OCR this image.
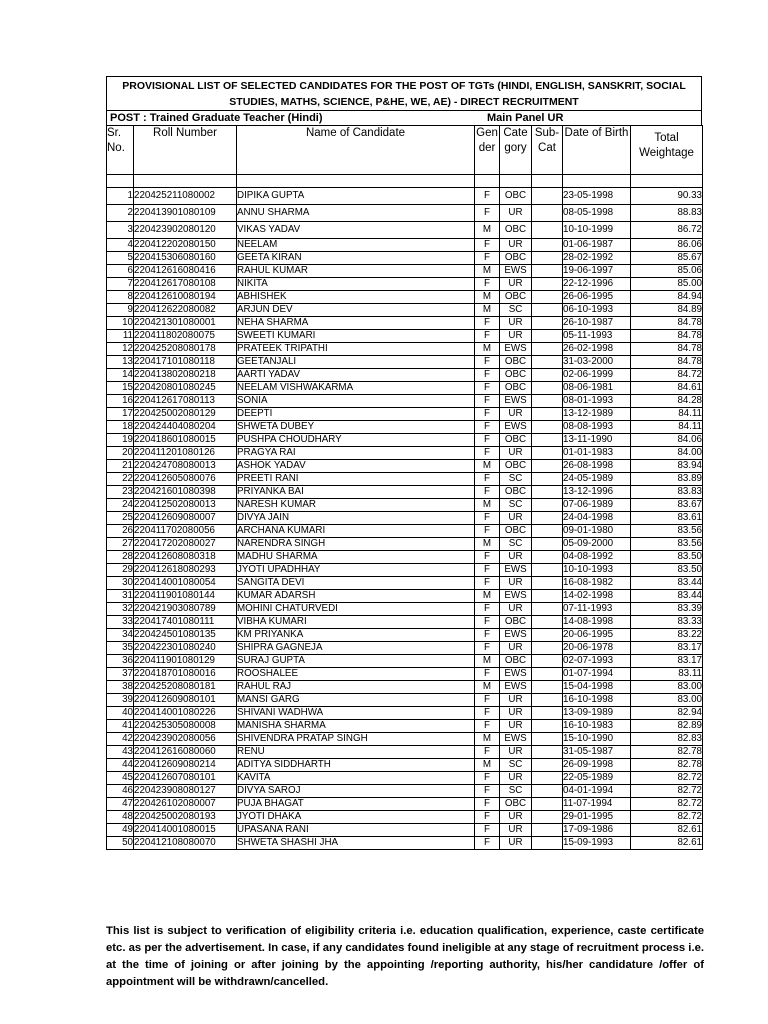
PROVISIONAL LIST OF SELECTED CANDIDATES FOR THE POST OF TGTs (HINDI, ENGLISH, SANSKRIT, SOCIAL STUDIES, MATHS, SCIENCE, P&HE, WE, AE) - DIRECT RECRUITMENT
POST : Trained Graduate Teacher (Hindi)	Main Panel UR
Sr. No.	Roll Number	Name of Candidate	Gen der	Cate gory	Sub- Cat	Date of Birth	Total Weightage

1	220425211080002	DIPIKA GUPTA	F	OBC		23-05-1998	90.33
2	220413901080109	ANNU SHARMA	F	UR		08-05-1998	88.83
3	220423902080120	VIKAS YADAV	M	OBC		10-10-1999	86.72
4	220412202080150	NEELAM	F	UR		01-06-1987	86.06
5	220415306080160	GEETA KIRAN	F	OBC		28-02-1992	85.67
6	220412616080416	RAHUL KUMAR	M	EWS		19-06-1997	85.06
7	220412617080108	NIKITA	F	UR		22-12-1996	85.00
8	220412610080194	ABHISHEK	M	OBC		26-06-1995	84.94
9	220412622080082	ARJUN DEV	M	SC		06-10-1993	84.89
10	220421301080001	NEHA SHARMA	F	UR		26-10-1987	84.78
11	220411802080075	SWEETI KUMARI	F	UR		05-11-1993	84.78
12	220425208080178	PRATEEK TRIPATHI	M	EWS		26-02-1998	84.78
13	220417101080118	GEETANJALI	F	OBC		31-03-2000	84.78
14	220413802080218	AARTI YADAV	F	OBC		02-06-1999	84.72
15	220420801080245	NEELAM VISHWAKARMA	F	OBC		08-06-1981	84.61
16	220412617080113	SONIA	F	EWS		08-01-1993	84.28
17	220425002080129	DEEPTI	F	UR		13-12-1989	84.11
18	220424404080204	SHWETA DUBEY	F	EWS		08-08-1993	84.11
19	220418601080015	PUSHPA CHOUDHARY	F	OBC		13-11-1990	84.06
20	220411201080126	PRAGYA RAI	F	UR		01-01-1983	84.00
21	220424708080013	ASHOK YADAV	M	OBC		26-08-1998	83.94
22	220412605080076	PREETI RANI	F	SC		24-05-1989	83.89
23	220421601080398	PRIYANKA BAI	F	OBC		13-12-1996	83.83
24	220412502080013	NARESH KUMAR	M	SC		07-06-1989	83.67
25	220412609080007	DIVYA JAIN	F	UR		24-04-1998	83.61
26	220411702080056	ARCHANA KUMARI	F	OBC		09-01-1980	83.56
27	220417202080027	NARENDRA SINGH	M	SC		05-09-2000	83.56
28	220412608080318	MADHU SHARMA	F	UR		04-08-1992	83.50
29	220412618080293	JYOTI UPADHHAY	F	EWS		10-10-1993	83.50
30	220414001080054	SANGITA DEVI	F	UR		16-08-1982	83.44
31	220411901080144	KUMAR ADARSH	M	EWS		14-02-1998	83.44
32	220421903080789	MOHINI CHATURVEDI	F	UR		07-11-1993	83.39
33	220417401080111	VIBHA KUMARI	F	OBC		14-08-1998	83.33
34	220424501080135	KM PRIYANKA	F	EWS		20-06-1995	83.22
35	220422301080240	SHIPRA GAGNEJA	F	UR		20-06-1978	83.17
36	220411901080129	SURAJ GUPTA	M	OBC		02-07-1993	83.17
37	220418701080016	ROOSHALEE	F	EWS		01-07-1994	83.11
38	220425208080181	RAHUL RAJ	M	EWS		15-04-1998	83.00
39	220412609080101	MANSI GARG	F	UR		16-10-1998	83.00
40	220414001080226	SHIVANI WADHWA	F	UR		13-09-1989	82.94
41	220425305080008	MANISHA SHARMA	F	UR		16-10-1983	82.89
42	220423902080056	SHIVENDRA PRATAP SINGH	M	EWS		15-10-1990	82.83
43	220412616080060	RENU	F	UR		31-05-1987	82.78
44	220412609080214	ADITYA SIDDHARTH	M	SC		26-09-1998	82.78
45	220412607080101	KAVITA	F	UR		22-05-1989	82.72
46	220423908080127	DIVYA SAROJ	F	SC		04-01-1994	82.72
47	220426102080007	PUJA BHAGAT	F	OBC		11-07-1994	82.72
48	220425002080193	JYOTI DHAKA	F	UR		29-01-1995	82.72
49	220414001080015	UPASANA RANI	F	UR		17-09-1986	82.61
50	220412108080070	SHWETA SHASHI JHA	F	UR		15-09-1993	82.61
This list is subject to verification of eligibility criteria i.e. education qualification, experience, caste certificate etc. as per the advertisement. In case, if any candidates found ineligible at any stage of recruitment process i.e. at the time of joining or after joining by the appointing /reporting authority, his/her candidature /offer of appointment will be withdrawn/cancelled.
